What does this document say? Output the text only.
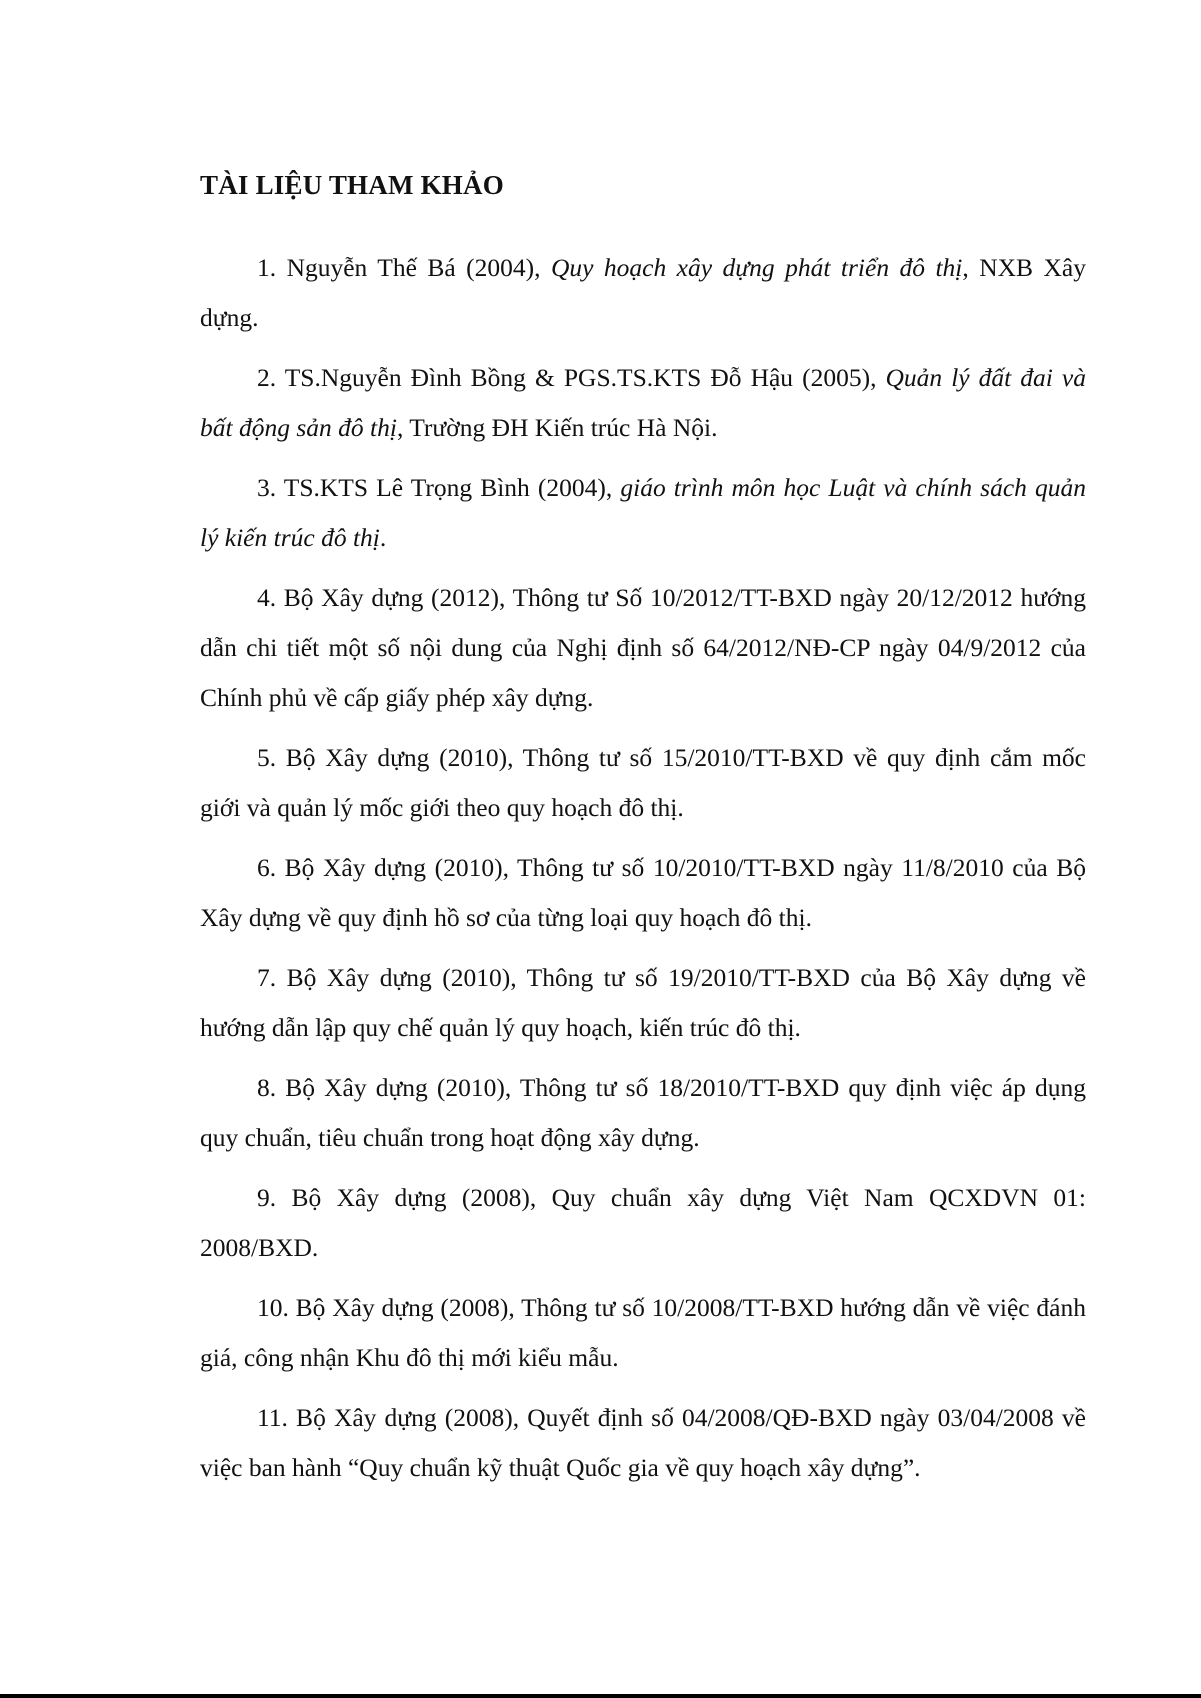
TÀI LIỆU THAM KHẢO
1. Nguyễn Thế Bá (2004), Quy hoạch xây dựng phát triển đô thị, NXB Xây dựng.
2. TS.Nguyễn Đình Bồng & PGS.TS.KTS Đỗ Hậu (2005), Quản lý đất đai và bất động sản đô thị, Trường ĐH Kiến trúc Hà Nội.
3. TS.KTS Lê Trọng Bình (2004), giáo trình môn học Luật và chính sách quản lý kiến trúc đô thị.
4. Bộ Xây dựng (2012), Thông tư Số 10/2012/TT-BXD ngày 20/12/2012 hướng dẫn chi tiết một số nội dung của Nghị định số 64/2012/NĐ-CP ngày 04/9/2012 của Chính phủ về cấp giấy phép xây dựng.
5. Bộ Xây dựng (2010), Thông tư số 15/2010/TT-BXD về quy định cắm mốc giới và quản lý mốc giới theo quy hoạch đô thị.
6. Bộ Xây dựng (2010), Thông tư số 10/2010/TT-BXD ngày 11/8/2010 của Bộ Xây dựng về quy định hồ sơ của từng loại quy hoạch đô thị.
7. Bộ Xây dựng (2010), Thông tư số 19/2010/TT-BXD của Bộ Xây dựng về hướng dẫn lập quy chế quản lý quy hoạch, kiến trúc đô thị.
8. Bộ Xây dựng (2010), Thông tư số 18/2010/TT-BXD quy định việc áp dụng quy chuẩn, tiêu chuẩn trong hoạt động xây dựng.
9. Bộ Xây dựng (2008), Quy chuẩn xây dựng Việt Nam QCXDVN 01: 2008/BXD.
10. Bộ Xây dựng (2008), Thông tư số 10/2008/TT-BXD hướng dẫn về việc đánh giá, công nhận Khu đô thị mới kiểu mẫu.
11. Bộ Xây dựng (2008), Quyết định số 04/2008/QĐ-BXD ngày 03/04/2008 về việc ban hành “Quy chuẩn kỹ thuật Quốc gia về quy hoạch xây dựng”.
